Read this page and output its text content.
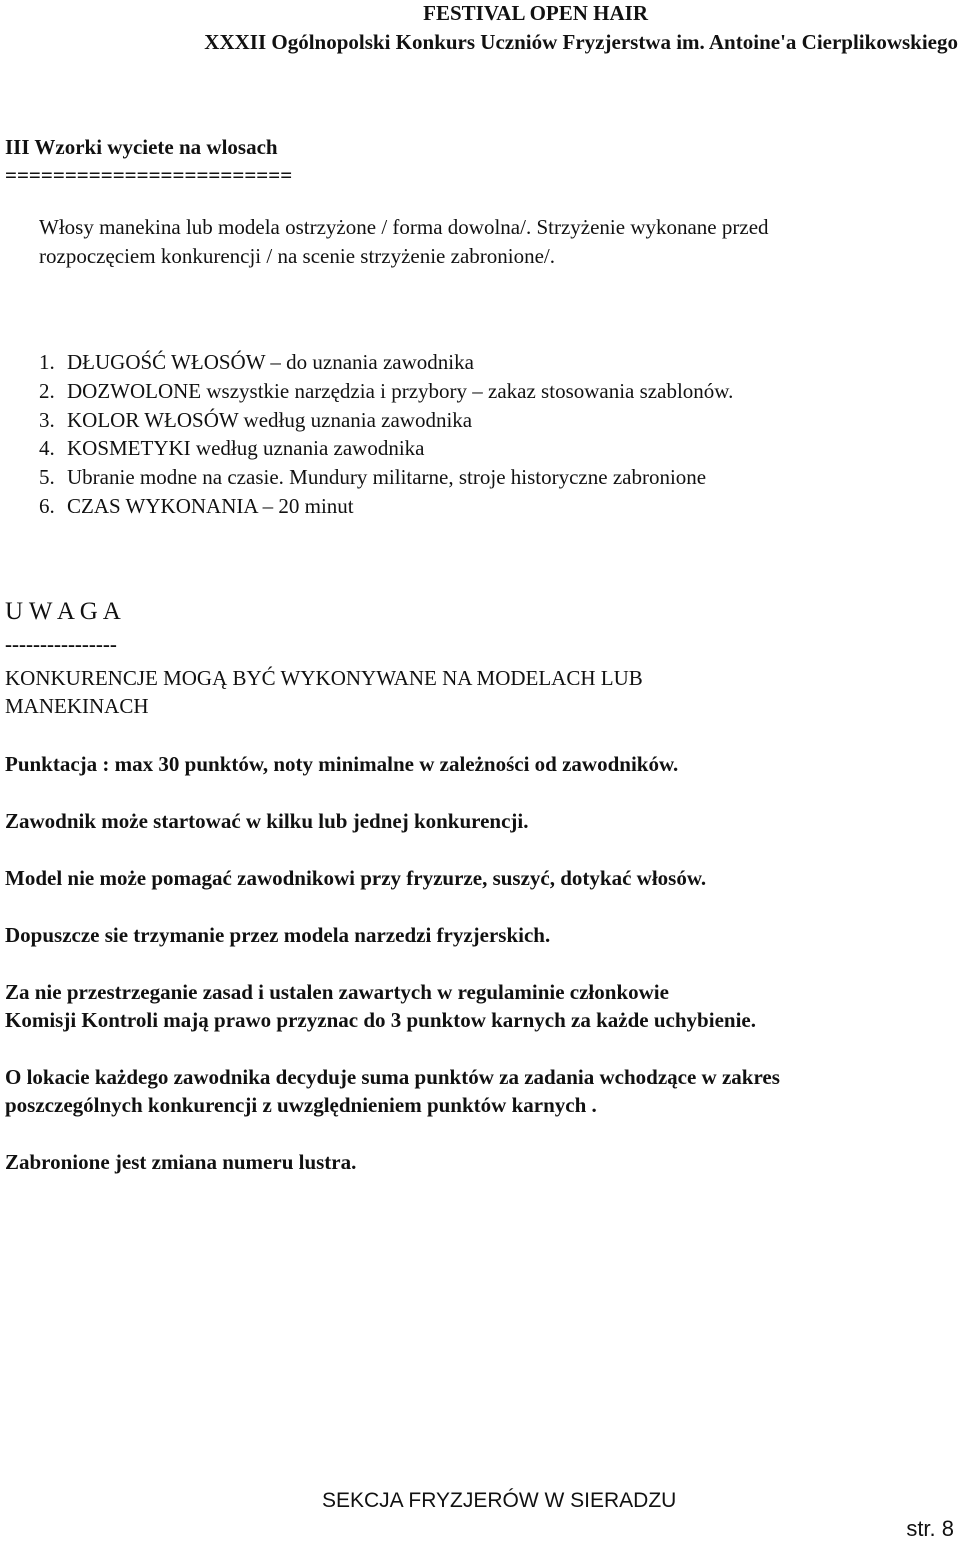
FESTIVAL OPEN HAIR
XXXII Ogólnopolski Konkurs Uczniów Fryzjerstwa im. Antoine'a Cierplikowskiego
III Wzorki wyciete na wlosach
========================
Włosy manekina lub modela ostrzyżone / forma dowolna/. Strzyżenie wykonane przed
rozpoczęciem konkurencji / na scenie strzyżenie zabronione/.
1. DŁUGOŚĆ WŁOSÓW – do uznania zawodnika
2. DOZWOLONE wszystkie narzędzia i przybory – zakaz stosowania szablonów.
3. KOLOR WŁOSÓW według uznania zawodnika
4. KOSMETYKI według uznania zawodnika
5. Ubranie modne na czasie. Mundury militarne, stroje historyczne zabronione
6. CZAS WYKONANIA – 20 minut
U W A G A
----------------
KONKURENCJE MOGĄ BYĆ WYKONYWANE NA MODELACH LUB
MANEKINACH
Punktacja : max 30 punktów, noty minimalne w zależności od zawodników.
Zawodnik może startować w kilku lub jednej konkurencji.
Model nie może pomagać zawodnikowi przy fryzurze, suszyć, dotykać włosów.
Dopuszcze sie trzymanie przez modela narzedzi fryzjerskich.
Za nie przestrzeganie zasad i ustalen zawartych w regulaminie członkowie
Komisji Kontroli mają prawo przyznac do 3 punktow karnych za każde uchybienie.
O lokacie każdego zawodnika decyduje suma punktów za zadania wchodzące w zakres
poszczególnych konkurencji z uwzględnieniem punktów karnych .
Zabronione jest zmiana numeru lustra.
SEKCJA FRYZJERÓW W SIERADZU
str. 8
